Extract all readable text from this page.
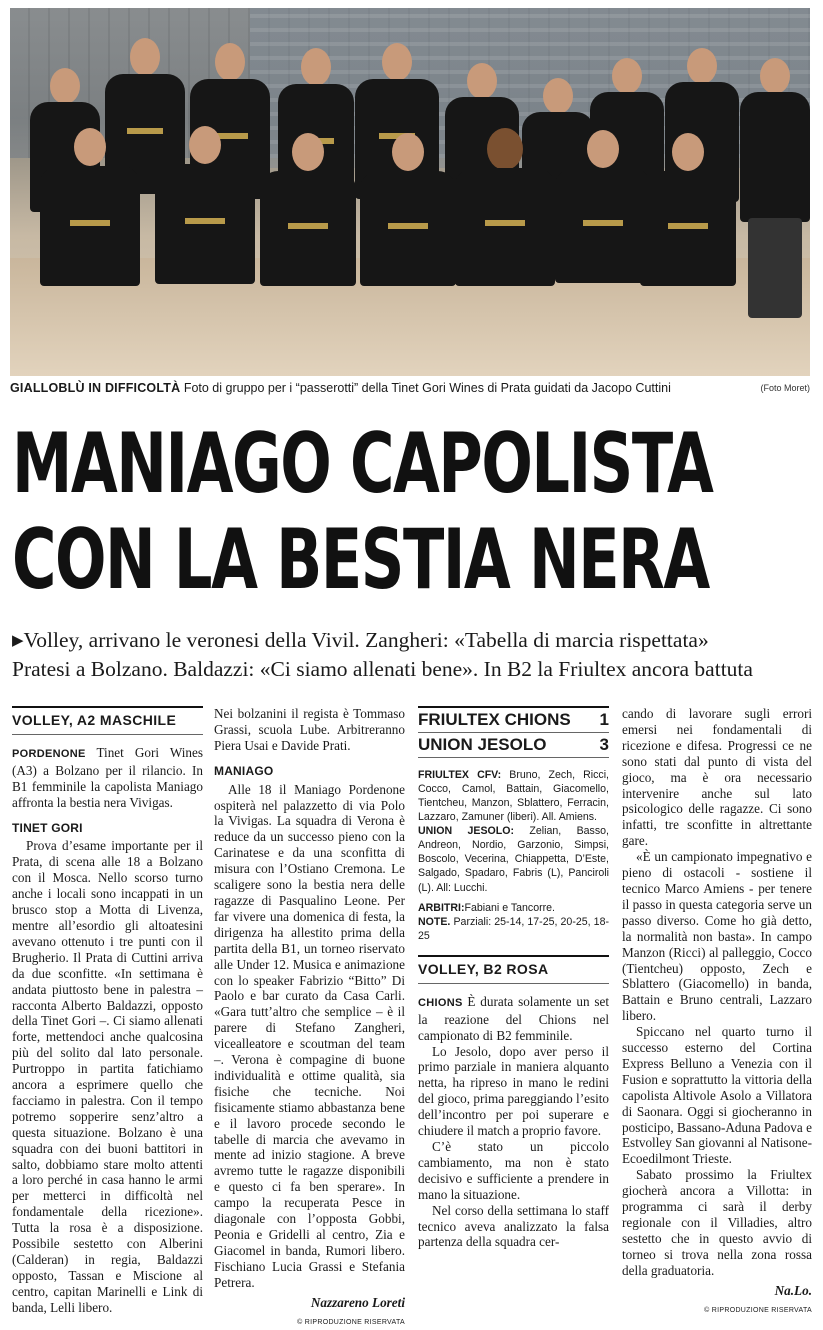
GIALLOBLÙ IN DIFFICOLTÀ Foto di gruppo per i “passerotti” della Tinet Gori Wines di Prata guidati da Jacopo Cuttini	(Foto Moret)
MANIAGO CAPOLISTA
CON LA BESTIA NERA
▶Volley, arrivano le veronesi della Vivil. Zangheri: «Tabella di marcia rispettata»
Pratesi a Bolzano. Baldazzi: «Ci siamo allenati bene». In B2 la Friultex ancora battuta
VOLLEY, A2 MASCHILE

PORDENONE Tinet Gori Wines (A3) a Bolzano per il rilancio. In B1 femminile la capolista Maniago affronta la bestia nera Vivigas.

TINET GORI

Prova d’esame importante per il Prata, di scena alle 18 a Bolzano con il Mosca. Nello scorso turno anche i locali sono incappati in un brusco stop a Motta di Livenza, mentre all’esordio gli altoatesini avevano ottenuto i tre punti con il Brugherio. Il Prata di Cuttini arriva da due sconfitte. «In settimana è andata piuttosto bene in palestra – racconta Alberto Baldazzi, opposto della Tinet Gori –. Ci siamo allenati forte, mettendoci anche qualcosina più del solito dal lato personale. Purtroppo in partita fatichiamo ancora a esprimere quello che facciamo in palestra. Con il tempo potremo sopperire senz’altro a questa situazione. Bolzano è una squadra con dei buoni battitori in salto, dobbiamo stare molto attenti a loro perché in casa hanno le armi per metterci in difficoltà nel fondamentale della ricezione». Tutta la rosa è a disposizione. Possibile sestetto con Alberini (Calderan) in regia, Baldazzi opposto, Tassan e Miscione al centro, capitan Marinelli e Link di banda, Lelli libero.

Nei bolzanini il regista è Tommaso Grassi, scuola Lube. Arbitreranno Piera Usai e Davide Prati.

MANIAGO

Alle 18 il Maniago Pordenone ospiterà nel palazzetto di via Polo la Vivigas. La squadra di Verona è reduce da un successo pieno con la Carinatese e da una sconfitta di misura con l’Ostiano Cremona. Le scaligere sono la bestia nera delle ragazze di Pasqualino Leone. Per far vivere una domenica di festa, la dirigenza ha allestito prima della partita della B1, un torneo riservato alle Under 12. Musica e animazione con lo speaker Fabrizio “Bitto” Di Paolo e bar curato da Casa Carli. «Gara tutt’altro che semplice – è il parere di Stefano Zangheri, vicealleatore e scoutman del team –. Verona è compagine di buone individualità e ottime qualità, sia fisiche che tecniche. Noi fisicamente stiamo abbastanza bene e il lavoro procede secondo le tabelle di marcia che avevamo in mente ad inizio stagione. A breve avremo tutte le ragazze disponibili e questo ci fa ben sperare». In campo la recuperata Pesce in diagonale con l’opposta Gobbi, Peonia e Gridelli al centro, Zia e Giacomel in banda, Rumori libero. Fischiano Lucia Grassi e Stefania Petrera.

Nazzareno Loreti
© RIPRODUZIONE RISERVATA
FRIULTEX CHIONS 1
UNION JESOLO	3
FRIULTEX CFV: Bruno, Zech, Ricci, Cocco, Camol, Battain, Giacomello, Tientcheu, Manzon, Sblattero, Ferracin, Lazzaro, Zamuner (liberi). All. Amiens.
UNION JESOLO: Zelian, Basso, Andreon, Nordio, Garzonio, Simpsi, Boscolo, Vecerina, Chiappetta, D’Este, Salgado, Spadaro, Fabris (L), Panciroli (L). All: Lucchi.
ARBITRI:Fabiani e Tancorre.
NOTE. Parziali: 25-14, 17-25, 20-25, 18-25
VOLLEY, B2 ROSA

CHIONS È durata solamente un set la reazione del Chions nel campionato di B2 femminile.

Lo Jesolo, dopo aver perso il primo parziale in maniera alquanto netta, ha ripreso in mano le redini del gioco, prima pareggiando l’esito dell’incontro per poi superare e chiudere il match a proprio favore.

C’è stato un piccolo cambiamento, ma non è stato decisivo e sufficiente a prendere in mano la situazione.

Nel corso della settimana lo staff tecnico aveva analizzato la falsa partenza della squadra cer-

cando di lavorare sugli errori emersi nei fondamentali di ricezione e difesa. Progressi ce ne sono stati dal punto di vista del gioco, ma è ora necessario intervenire anche sul lato psicologico delle ragazze. Ci sono infatti, tre sconfitte in altrettante gare.

«È un campionato impegnativo e pieno di ostacoli - sostiene il tecnico Marco Amiens - per tenere il passo in questa categoria serve un passo diverso. Come ho già detto, la normalità non basta». In campo Manzon (Ricci) al palleggio, Cocco (Tientcheu) opposto, Zech e Sblattero (Giacomello) in banda, Battain e Bruno centrali, Lazzaro libero.

Spiccano nel quarto turno il successo esterno del Cortina Express Belluno a Venezia con il Fusion e soprattutto la vittoria della capolista Altivole Asolo a Villatora di Saonara. Oggi si giocheranno in posticipo, Bassano-Aduna Padova e Estvolley San giovanni al Natisone-Ecoedilmont Trieste.

Sabato prossimo la Friultex giocherà ancora a Villotta: in programma ci sarà il derby regionale con il Villadies, altro sestetto che in questo avvio di torneo si trova nella zona rossa della graduatoria.

Na.Lo.
© RIPRODUZIONE RISERVATA
